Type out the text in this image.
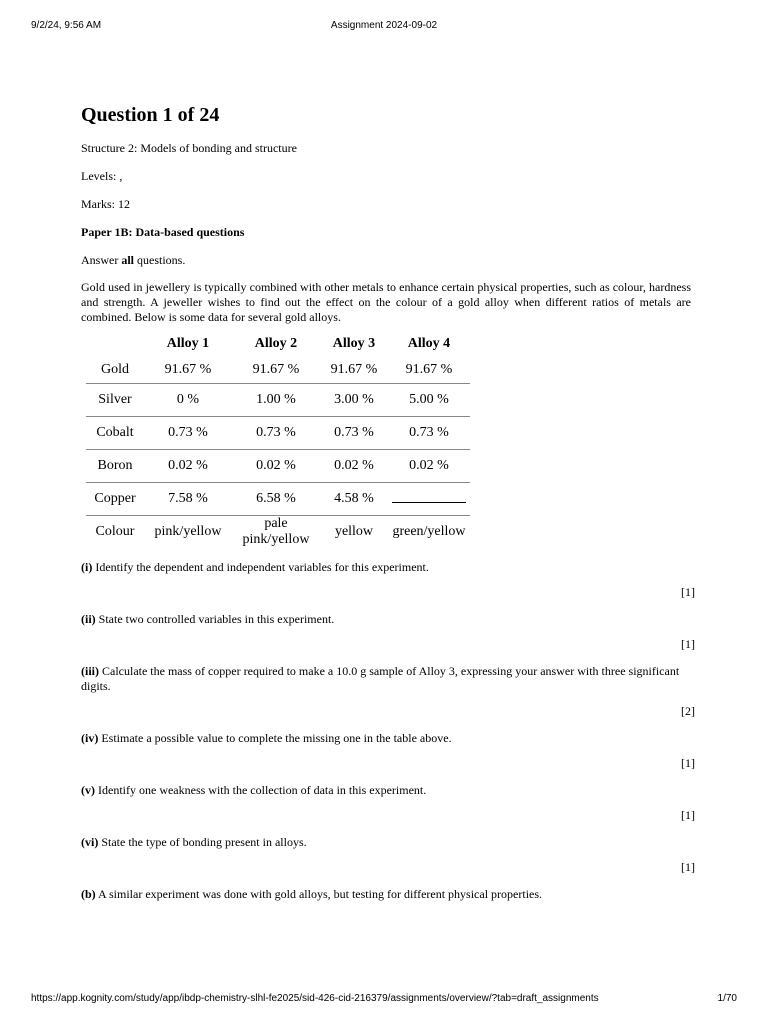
9/2/24, 9:56 AM	Assignment 2024-09-02
Question 1 of 24
Structure 2: Models of bonding and structure
Levels: ,
Marks: 12
Paper 1B: Data-based questions
Answer all questions.
Gold used in jewellery is typically combined with other metals to enhance certain physical properties, such as colour, hardness and strength. A jeweller wishes to find out the effect on the colour of a gold alloy when different ratios of metals are combined. Below is some data for several gold alloys.
	Alloy 1	Alloy 2	Alloy 3	Alloy 4
Gold	91.67 %	91.67 %	91.67 %	91.67 %
Silver	0 %	1.00 %	3.00 %	5.00 %
Cobalt	0.73 %	0.73 %	0.73 %	0.73 %
Boron	0.02 %	0.02 %	0.02 %	0.02 %
Copper	7.58 %	6.58 %	4.58 %	
Colour	pink/yellow	pale pink/yellow	yellow	green/yellow
(i) Identify the dependent and independent variables for this experiment.
[1]
(ii) State two controlled variables in this experiment.
[1]
(iii) Calculate the mass of copper required to make a 10.0 g sample of Alloy 3, expressing your answer with three significant digits.
[2]
(iv) Estimate a possible value to complete the missing one in the table above.
[1]
(v) Identify one weakness with the collection of data in this experiment.
[1]
(vi) State the type of bonding present in alloys.
[1]
(b) A similar experiment was done with gold alloys, but testing for different physical properties.
https://app.kognity.com/study/app/ibdp-chemistry-slhl-fe2025/sid-426-cid-216379/assignments/overview/?tab=draft_assignments	1/70
